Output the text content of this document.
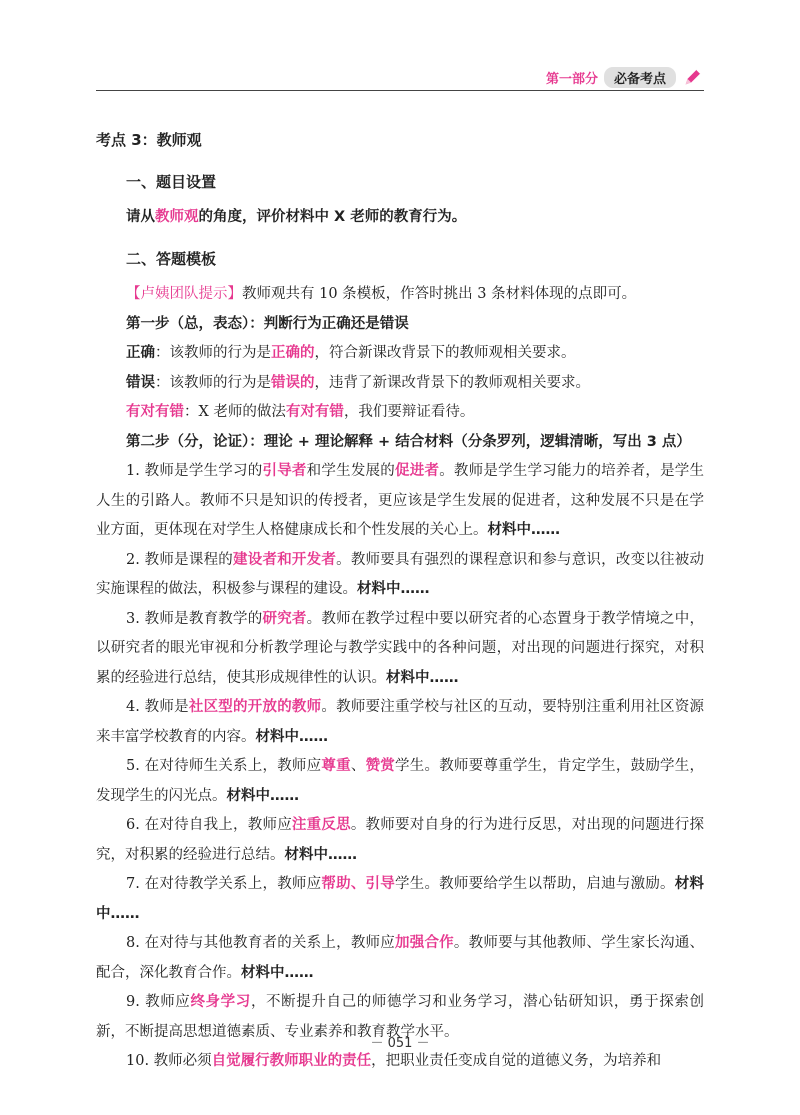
第一部分	必备考点
考点 3：教师观
一、题目设置
请从教师观的角度，评价材料中 X 老师的教育行为。
二、答题模板
【卢姨团队提示】教师观共有 10 条模板，作答时挑出 3 条材料体现的点即可。
第一步（总，表态）：判断行为正确还是错误
正确：该教师的行为是正确的，符合新课改背景下的教师观相关要求。
错误：该教师的行为是错误的，违背了新课改背景下的教师观相关要求。
有对有错：X 老师的做法有对有错，我们要辩证看待。
第二步（分，论证）：理论 + 理论解释 + 结合材料（分条罗列，逻辑清晰，写出 3 点）
1. 教师是学生学习的引导者和学生发展的促进者。教师是学生学习能力的培养者，是学生人生的引路人。教师不只是知识的传授者，更应该是学生发展的促进者，这种发展不只是在学业方面，更体现在对学生人格健康成长和个性发展的关心上。材料中……
2. 教师是课程的建设者和开发者。教师要具有强烈的课程意识和参与意识，改变以往被动实施课程的做法，积极参与课程的建设。材料中……
3. 教师是教育教学的研究者。教师在教学过程中要以研究者的心态置身于教学情境之中，以研究者的眼光审视和分析教学理论与教学实践中的各种问题，对出现的问题进行探究，对积累的经验进行总结，使其形成规律性的认识。材料中……
4. 教师是社区型的开放的教师。教师要注重学校与社区的互动，要特别注重利用社区资源来丰富学校教育的内容。材料中……
5. 在对待师生关系上，教师应尊重、赞赏学生。教师要尊重学生，肯定学生，鼓励学生，发现学生的闪光点。材料中……
6. 在对待自我上，教师应注重反思。教师要对自身的行为进行反思，对出现的问题进行探究，对积累的经验进行总结。材料中……
7. 在对待教学关系上，教师应帮助、引导学生。教师要给学生以帮助，启迪与激励。材料中……
8. 在对待与其他教育者的关系上，教师应加强合作。教师要与其他教师、学生家长沟通、配合，深化教育合作。材料中……
9. 教师应终身学习，不断提升自己的师德学习和业务学习，潜心钻研知识，勇于探索创新，不断提高思想道德素质、专业素养和教育教学水平。
10. 教师必须自觉履行教师职业的责任，把职业责任变成自觉的道德义务，为培养和
－ 051 －
